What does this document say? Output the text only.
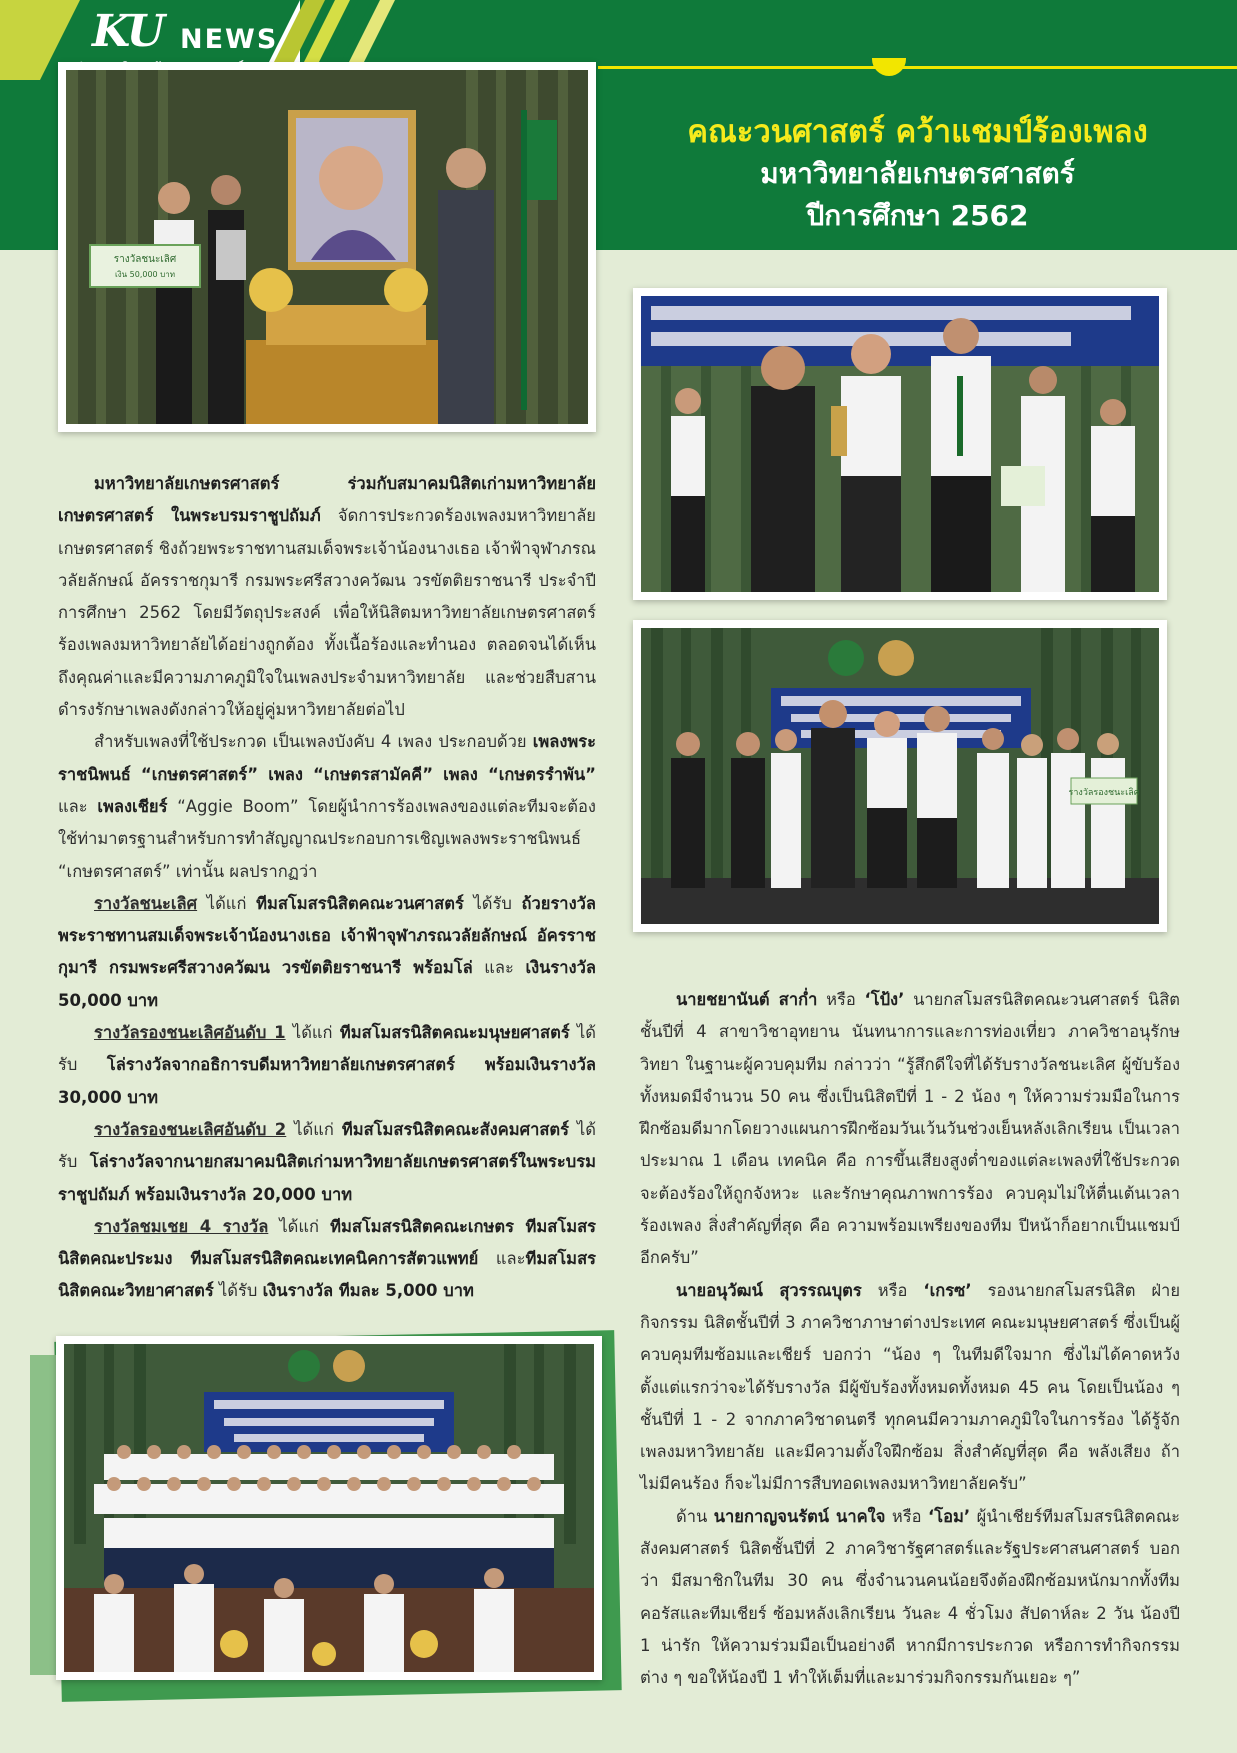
KU NEWS
คณะวนศาสตร์ คว้าแชมป์ร้องเพลง
มหาวิทยาลัยเกษตรศาสตร์
ปีการศึกษา 2562
รางวัลชนะเลิศ
เงิน 50,000 บาท
รางวัลรองชนะเลิศ

มหาวิทยาลัยเกษตรศาสตร์ ร่วมกับสมาคมนิสิตเก่ามหาวิทยาลัยเกษตรศาสตร์ ในพระบรมราชูปถัมภ์ จัดการประกวดร้องเพลงมหาวิทยาลัยเกษตรศาสตร์ ชิงถ้วยพระราชทานสมเด็จพระเจ้าน้องนางเธอ เจ้าฟ้าจุฬาภรณวลัยลักษณ์ อัครราชกุมารี กรมพระศรีสวางควัฒน วรขัตติยราชนารี ประจำปีการศึกษา 2562 โดยมีวัตถุประสงค์ เพื่อให้นิสิตมหาวิทยาลัยเกษตรศาสตร์ร้องเพลงมหาวิทยาลัยได้อย่างถูกต้อง ทั้งเนื้อร้องและทำนอง ตลอดจนได้เห็นถึงคุณค่าและมีความภาคภูมิใจในเพลงประจำมหาวิทยาลัย และช่วยสืบสานดำรงรักษาเพลงดังกล่าวให้อยู่คู่มหาวิทยาลัยต่อไป

สำหรับเพลงที่ใช้ประกวด เป็นเพลงบังคับ 4 เพลง ประกอบด้วย เพลงพระราชนิพนธ์ “เกษตรศาสตร์” เพลง “เกษตรสามัคคี” เพลง “เกษตรรำพัน” และ เพลงเชียร์ “Aggie Boom” โดยผู้นำการร้องเพลงของแต่ละทีมจะต้องใช้ท่ามาตรฐานสำหรับการทำสัญญาณประกอบการเชิญเพลงพระราชนิพนธ์ “เกษตรศาสตร์” เท่านั้น ผลปรากฏว่า

รางวัลชนะเลิศ ได้แก่ ทีมสโมสรนิสิตคณะวนศาสตร์ ได้รับ ถ้วยรางวัลพระราชทานสมเด็จพระเจ้าน้องนางเธอ เจ้าฟ้าจุฬาภรณวลัยลักษณ์ อัครราชกุมารี กรมพระศรีสวางควัฒน วรขัตติยราชนารี พร้อมโล่ และ เงินรางวัล 50,000 บาท

รางวัลรองชนะเลิศอันดับ 1 ได้แก่ ทีมสโมสรนิสิตคณะมนุษยศาสตร์ ได้รับ โล่รางวัลจากอธิการบดีมหาวิทยาลัยเกษตรศาสตร์ พร้อมเงินรางวัล 30,000 บาท

รางวัลรองชนะเลิศอันดับ 2 ได้แก่ ทีมสโมสรนิสิตคณะสังคมศาสตร์ ได้รับ โล่รางวัลจากนายกสมาคมนิสิตเก่ามหาวิทยาลัยเกษตรศาสตร์ในพระบรมราชูปถัมภ์ พร้อมเงินรางวัล 20,000 บาท

รางวัลชมเชย 4 รางวัล ได้แก่ ทีมสโมสรนิสิตคณะเกษตร ทีมสโมสรนิสิตคณะประมง ทีมสโมสรนิสิตคณะเทคนิคการสัตวแพทย์ และทีมสโมสรนิสิตคณะวิทยาศาสตร์ ได้รับ เงินรางวัล ทีมละ 5,000 บาท

นายชยานันต์ สาก่ำ หรือ ‘โป้ง’ นายกสโมสรนิสิตคณะวนศาสตร์ นิสิตชั้นปีที่ 4 สาขาวิชาอุทยาน นันทนาการและการท่องเที่ยว ภาควิชาอนุรักษวิทยา ในฐานะผู้ควบคุมทีม กล่าวว่า “รู้สึกดีใจที่ได้รับรางวัลชนะเลิศ ผู้ขับร้องทั้งหมดมีจำนวน 50 คน ซึ่งเป็นนิสิตปีที่ 1 - 2 น้อง ๆ ให้ความร่วมมือในการฝึกซ้อมดีมากโดยวางแผนการฝึกซ้อมวันเว้นวันช่วงเย็นหลังเลิกเรียน เป็นเวลาประมาณ 1 เดือน เทคนิค คือ การขึ้นเสียงสูงต่ำของแต่ละเพลงที่ใช้ประกวดจะต้องร้องให้ถูกจังหวะ และรักษาคุณภาพการร้อง ควบคุมไม่ให้ตื่นเต้นเวลาร้องเพลง สิ่งสำคัญที่สุด คือ ความพร้อมเพรียงของทีม ปีหน้าก็อยากเป็นแชมป์อีกครับ”

นายอนุวัฒน์ สุวรรณบุตร หรือ ‘เกรซ’ รองนายกสโมสรนิสิต ฝ่ายกิจกรรม นิสิตชั้นปีที่ 3 ภาควิชาภาษาต่างประเทศ คณะมนุษยศาสตร์ ซึ่งเป็นผู้ควบคุมทีมซ้อมและเชียร์ บอกว่า “น้อง ๆ ในทีมดีใจมาก ซึ่งไม่ได้คาดหวังตั้งแต่แรกว่าจะได้รับรางวัล มีผู้ขับร้องทั้งหมดทั้งหมด 45 คน โดยเป็นน้อง ๆ ชั้นปีที่ 1 - 2 จากภาควิชาดนตรี ทุกคนมีความภาคภูมิใจในการร้อง ได้รู้จักเพลงมหาวิทยาลัย และมีความตั้งใจฝึกซ้อม สิ่งสำคัญที่สุด คือ พลังเสียง ถ้าไม่มีคนร้อง ก็จะไม่มีการสืบทอดเพลงมหาวิทยาลัยครับ”

ด้าน นายกาญจนรัตน์ นาคใจ หรือ ‘โอม’ ผู้นำเชียร์ทีมสโมสรนิสิตคณะสังคมศาสตร์ นิสิตชั้นปีที่ 2 ภาควิชารัฐศาสตร์และรัฐประศาสนศาสตร์ บอกว่า มีสมาชิกในทีม 30 คน ซึ่งจำนวนคนน้อยจึงต้องฝึกซ้อมหนักมากทั้งทีมคอรัสและทีมเชียร์ ซ้อมหลังเลิกเรียน วันละ 4 ชั่วโมง สัปดาห์ละ 2 วัน น้องปี 1 น่ารัก ให้ความร่วมมือเป็นอย่างดี หากมีการประกวด หรือการทำกิจกรรมต่าง ๆ ขอให้น้องปี 1 ทำให้เต็มที่และมาร่วมกิจกรรมกันเยอะ ๆ”
